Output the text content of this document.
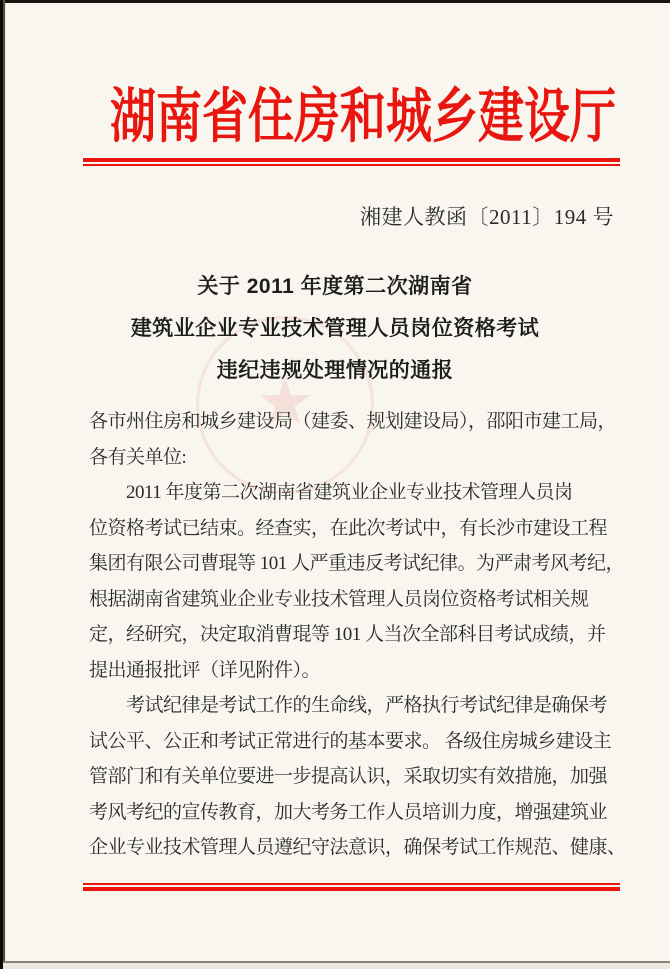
★
湖南省住房和城乡建设厅
湘建人教函〔2011〕194 号
关于 2011 年度第二次湖南省
建筑业企业专业技术管理人员岗位资格考试
违纪违规处理情况的通报
各市州住房和城乡建设局（建委、规划建设局），邵阳市建工局，
各有关单位:
　　2011 年度第二次湖南省建筑业企业专业技术管理人员岗
位资格考试已结束。经查实，在此次考试中，有长沙市建设工程
集团有限公司曹琨等 101 人严重违反考试纪律。为严肃考风考纪，
根据湖南省建筑业企业专业技术管理人员岗位资格考试相关规
定，经研究，决定取消曹琨等 101 人当次全部科目考试成绩，并
提出通报批评（详见附件）。
　　考试纪律是考试工作的生命线，严格执行考试纪律是确保考
试公平、公正和考试正常进行的基本要求。 各级住房城乡建设主
管部门和有关单位要进一步提高认识，采取切实有效措施，加强
考风考纪的宣传教育，加大考务工作人员培训力度，增强建筑业
企业专业技术管理人员遵纪守法意识，确保考试工作规范、健康、
